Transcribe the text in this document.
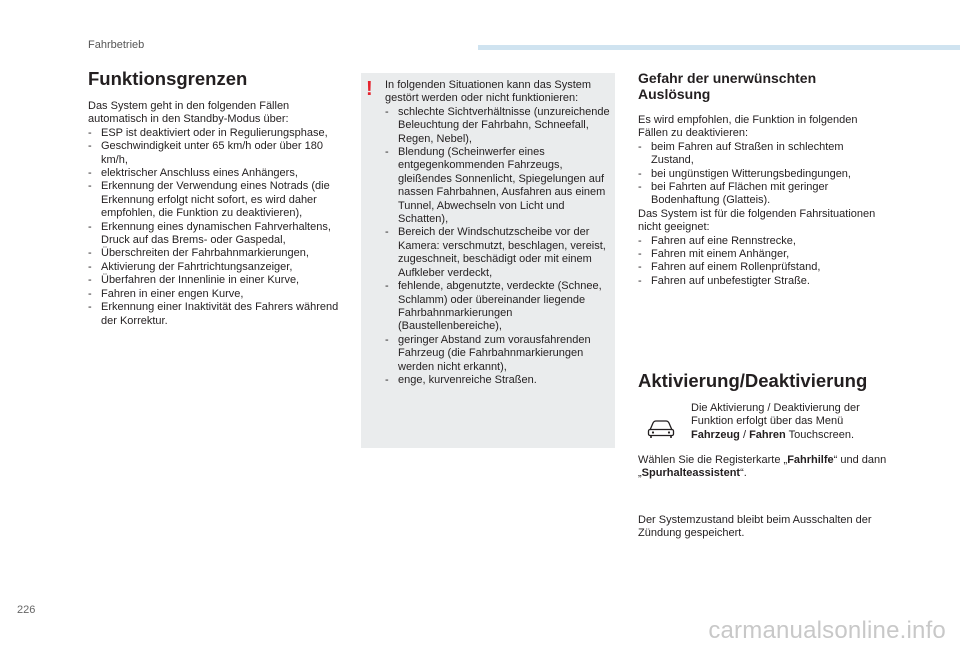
Fahrbetrieb
Funktionsgrenzen

Das System geht in den folgenden Fällen automatisch in den Standby-Modus über:

- ESP ist deaktiviert oder in Regulierungsphase,
- Geschwindigkeit unter 65 km/h oder über 180 km/h,
- elektrischer Anschluss eines Anhängers,
- Erkennung der Verwendung eines Notrads (die Erkennung erfolgt nicht sofort, es wird daher empfohlen, die Funktion zu deaktivieren),
- Erkennung eines dynamischen Fahrverhaltens, Druck auf das Brems- oder Gaspedal,
- Überschreiten der Fahrbahnmarkierungen,
- Aktivierung der Fahrtrichtungsanzeiger,
- Überfahren der Innenlinie in einer Kurve,
- Fahren in einer engen Kurve,
- Erkennung einer Inaktivität des Fahrers während der Korrektur.
!	In folgenden Situationen kann das System gestört werden oder nicht funktionieren:

- schlechte Sichtverhältnisse (unzureichende Beleuchtung der Fahrbahn, Schneefall, Regen, Nebel),
- Blendung (Scheinwerfer eines entgegenkommenden Fahrzeugs, gleißendes Sonnenlicht, Spiegelungen auf nassen Fahrbahnen, Ausfahren aus einem Tunnel, Abwechseln von Licht und Schatten),
- Bereich der Windschutzscheibe vor der Kamera: verschmutzt, beschlagen, vereist, zugeschneit, beschädigt oder mit einem Aufkleber verdeckt,
- fehlende, abgenutzte, verdeckte (Schnee, Schlamm) oder übereinander liegende Fahrbahnmarkierungen (Baustellenbereiche),
- geringer Abstand zum vorausfahrenden Fahrzeug (die Fahrbahnmarkierungen werden nicht erkannt),
- enge, kurvenreiche Straßen.
Gefahr der unerwünschten Auslösung

Es wird empfohlen, die Funktion in folgenden Fällen zu deaktivieren:

- beim Fahren auf Straßen in schlechtem Zustand,
- bei ungünstigen Witterungsbedingungen,
- bei Fahrten auf Flächen mit geringer Bodenhaftung (Glatteis).

Das System ist für die folgenden Fahrsituationen nicht geeignet:

- Fahren auf eine Rennstrecke,
- Fahren mit einem Anhänger,
- Fahren auf einem Rollenprüfstand,
- Fahren auf unbefestigter Straße.
Aktivierung/Deaktivierung
Die Aktivierung / Deaktivierung der Funktion erfolgt über das Menü Fahrzeug / Fahren Touchscreen.
Wählen Sie die Registerkarte „Fahrhilfe“ und dann „Spurhalteassistent“.
Der Systemzustand bleibt beim Ausschalten der Zündung gespeichert.
226
carmanualsonline.info
